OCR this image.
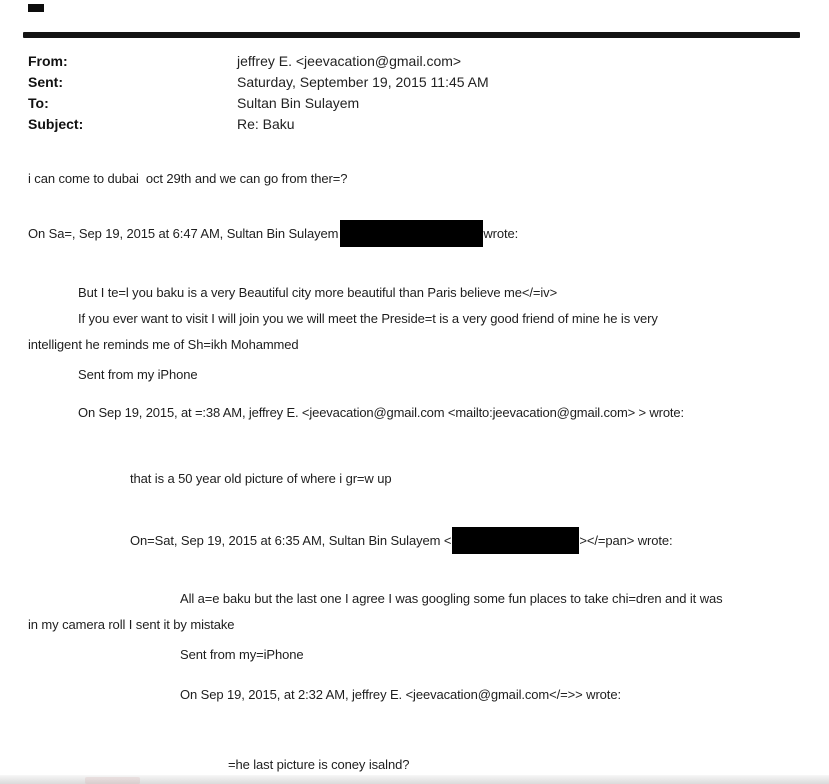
From:	jeffrey E. <jeevacation@gmail.com>
Sent:	Saturday, September 19, 2015 11:45 AM
To:	Sultan Bin Sulayem
Subject:	Re: Baku
i can come to dubai  oct 29th and we can go from ther=?
On Sa=, Sep 19, 2015 at 6:47 AM, Sultan Bin Sulayem	wrote:
But I te=l you baku is a very Beautiful city more beautiful than Paris believe me</=iv>
If you ever want to visit I will join you we will meet the Preside=t is a very good friend of mine he is very
intelligent he reminds me of Sh=ikh Mohammed
Sent from my iPhone
On Sep 19, 2015, at =:38 AM, jeffrey E. <jeevacation@gmail.com <mailto:jeevacation@gmail.com> > wrote:
that is a 50 year old picture of where i gr=w up
On=Sat, Sep 19, 2015 at 6:35 AM, Sultan Bin Sulayem <	></=pan> wrote:
All a=e baku but the last one I agree I was googling some fun places to take chi=dren and it was
in my camera roll I sent it by mistake
Sent from my=iPhone
On Sep 19, 2015, at 2:32 AM, jeffrey E. <jeevacation@gmail.com</=>> wrote:
=he last picture is coney isalnd?
